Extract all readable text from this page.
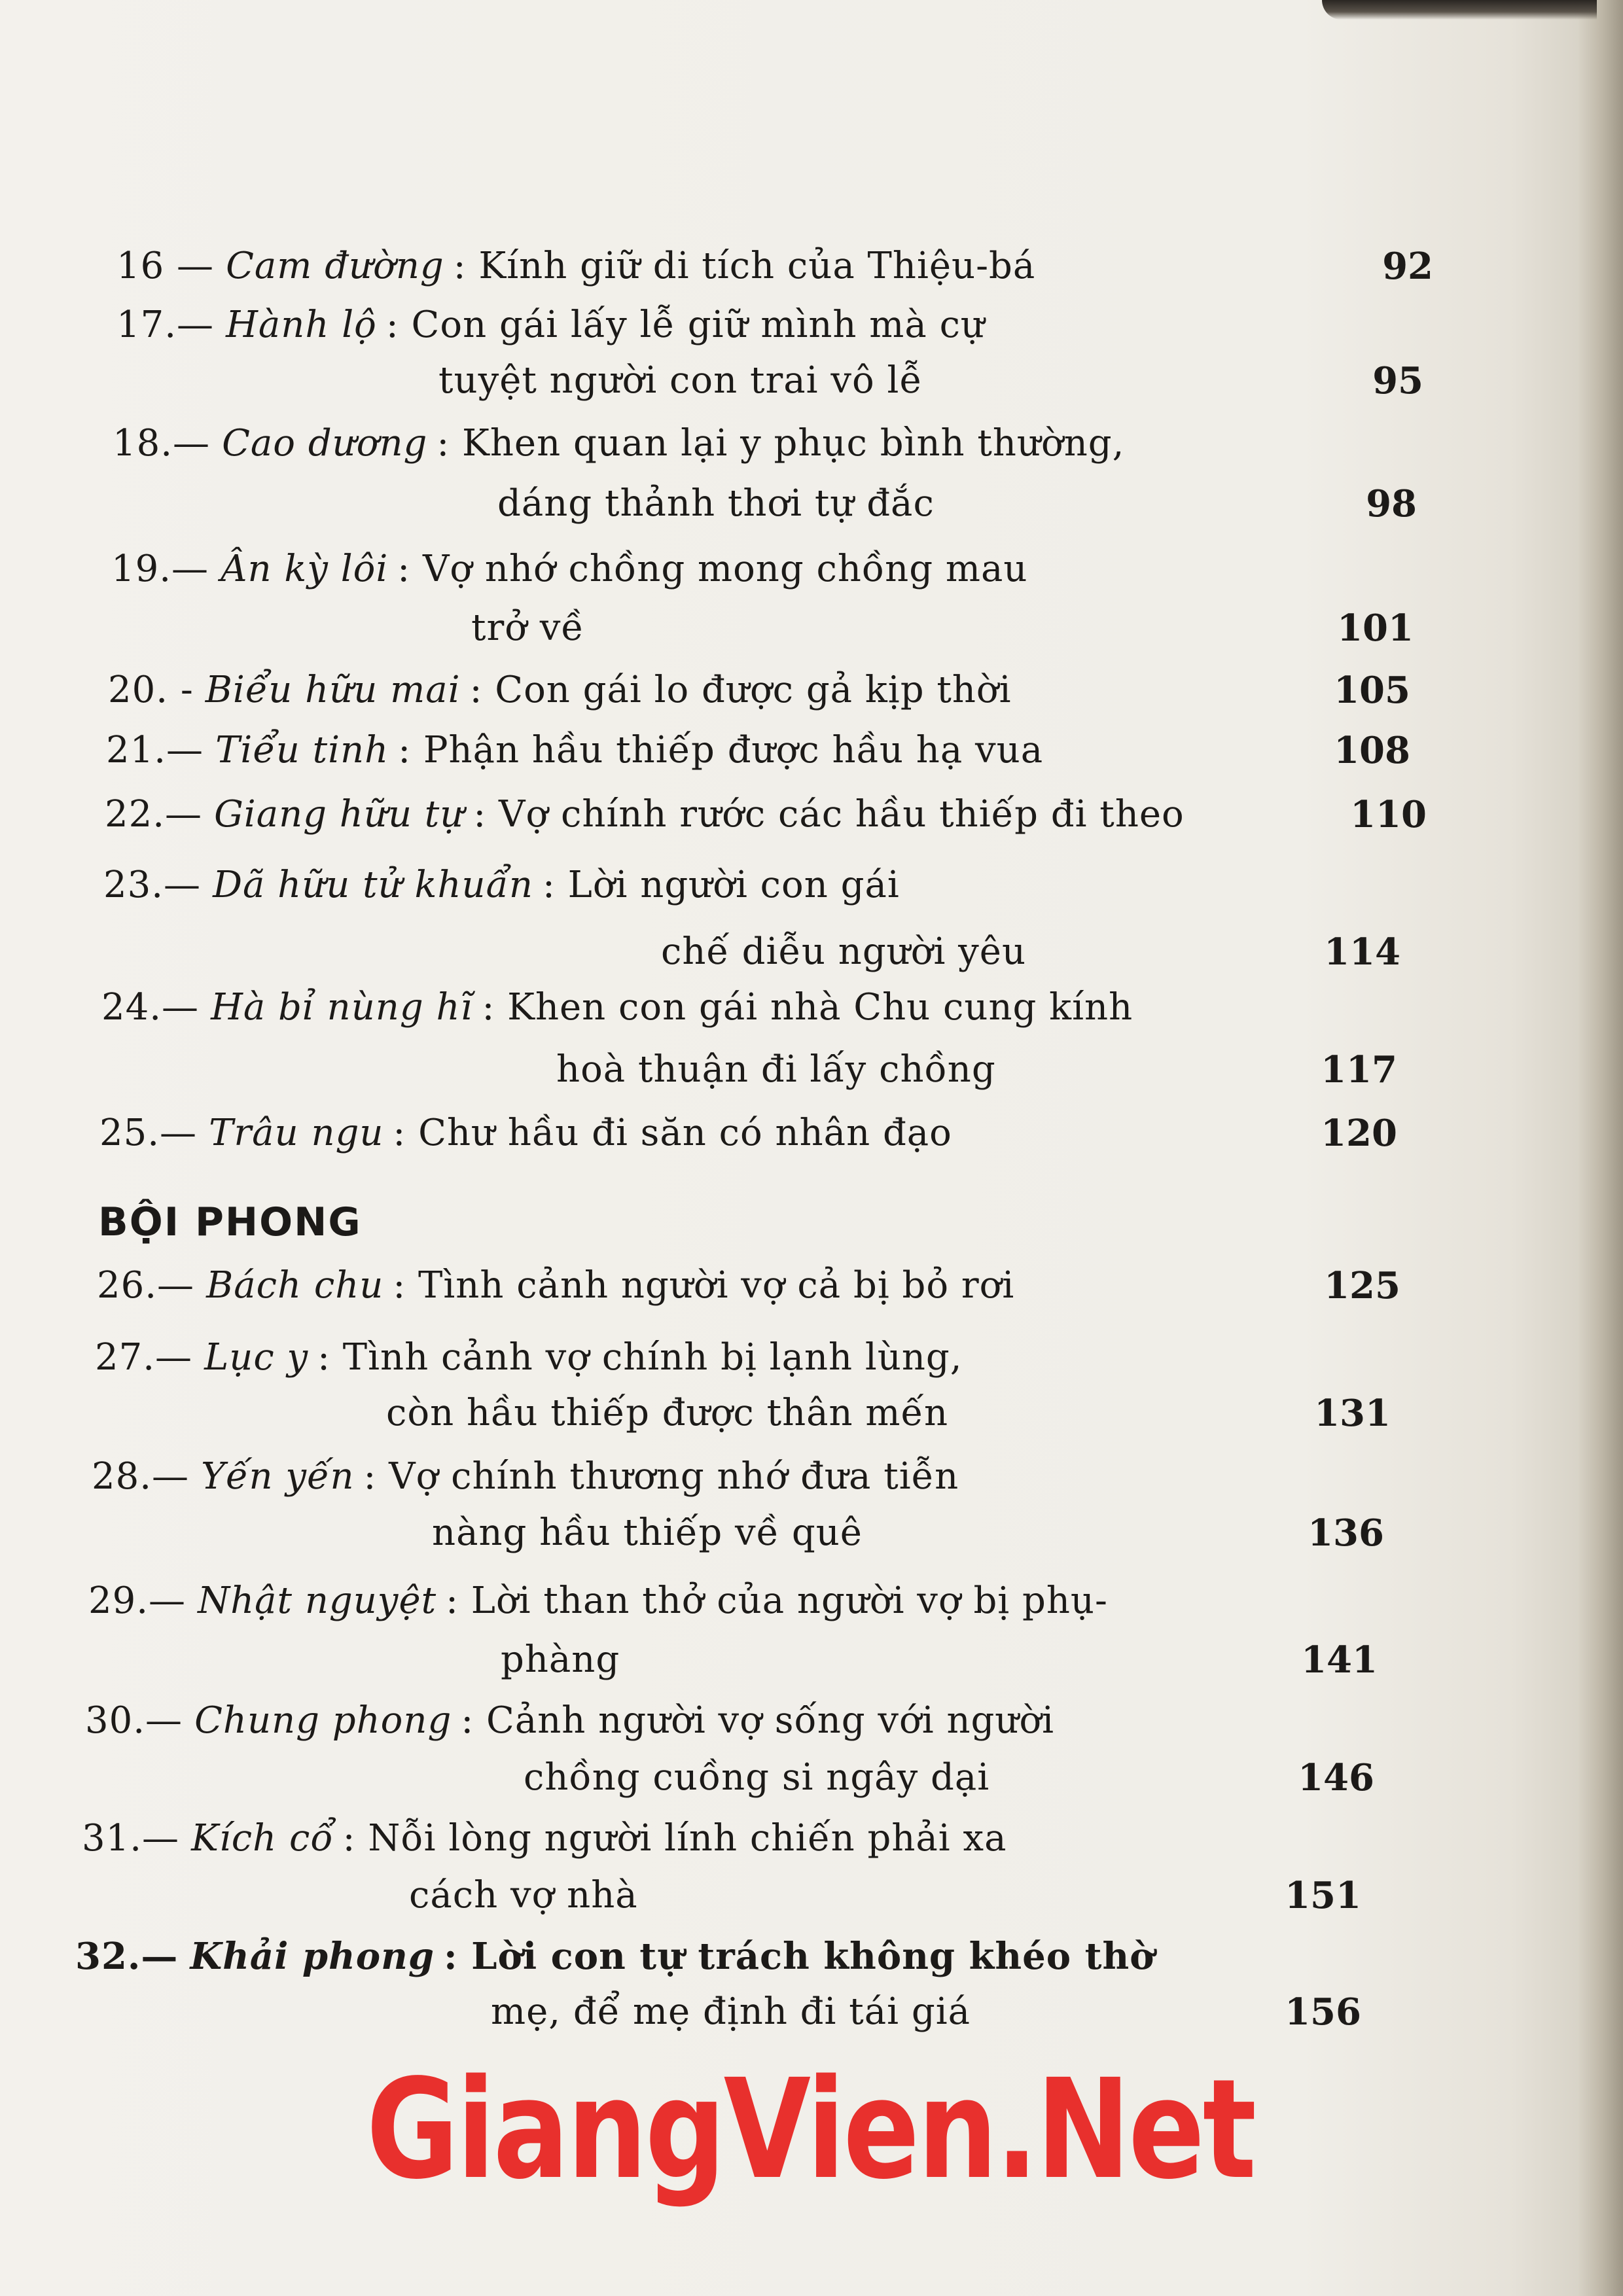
16 — Cam đường : Kính giữ di tích của Thiệu-bá	92
17.— Hành lộ : Con gái lấy lễ giữ mình mà cự
tuyệt người con trai vô lễ	95
18.— Cao dương : Khen quan lại y phục bình thường,
dáng thảnh thơi tự đắc	98
19.— Ân kỳ lôi : Vợ nhớ chồng mong chồng mau
trở về	101
20. - Biểu hữu mai : Con gái lo được gả kịp thời	105
21.— Tiểu tinh : Phận hầu thiếp được hầu hạ vua	108
22.— Giang hữu tự : Vợ chính rước các hầu thiếp đi theo	110
23.— Dã hữu tử khuẩn : Lời người con gái
chế diễu người yêu	114
24.— Hà bỉ nùng hĩ : Khen con gái nhà Chu cung kính
hoà thuận đi lấy chồng	117
25.— Trâu ngu : Chư hầu đi săn có nhân đạo	120
BỘI PHONG
26.— Bách chu : Tình cảnh người vợ cả bị bỏ rơi	125
27.— Lục y : Tình cảnh vợ chính bị lạnh lùng,
còn hầu thiếp được thân mến	131
28.— Yến yến : Vợ chính thương nhớ đưa tiễn
nàng hầu thiếp về quê	136
29.— Nhật nguyệt : Lời than thở của người vợ bị phụ-
phàng	141
30.— Chung phong : Cảnh người vợ sống với người
chồng cuồng si ngây dại	146
31.— Kích cổ : Nỗi lòng người lính chiến phải xa
cách vợ nhà	151
32.— Khải phong : Lời con tự trách không khéo thờ
mẹ, để mẹ định đi tái giá	156
GiangVien.Net
